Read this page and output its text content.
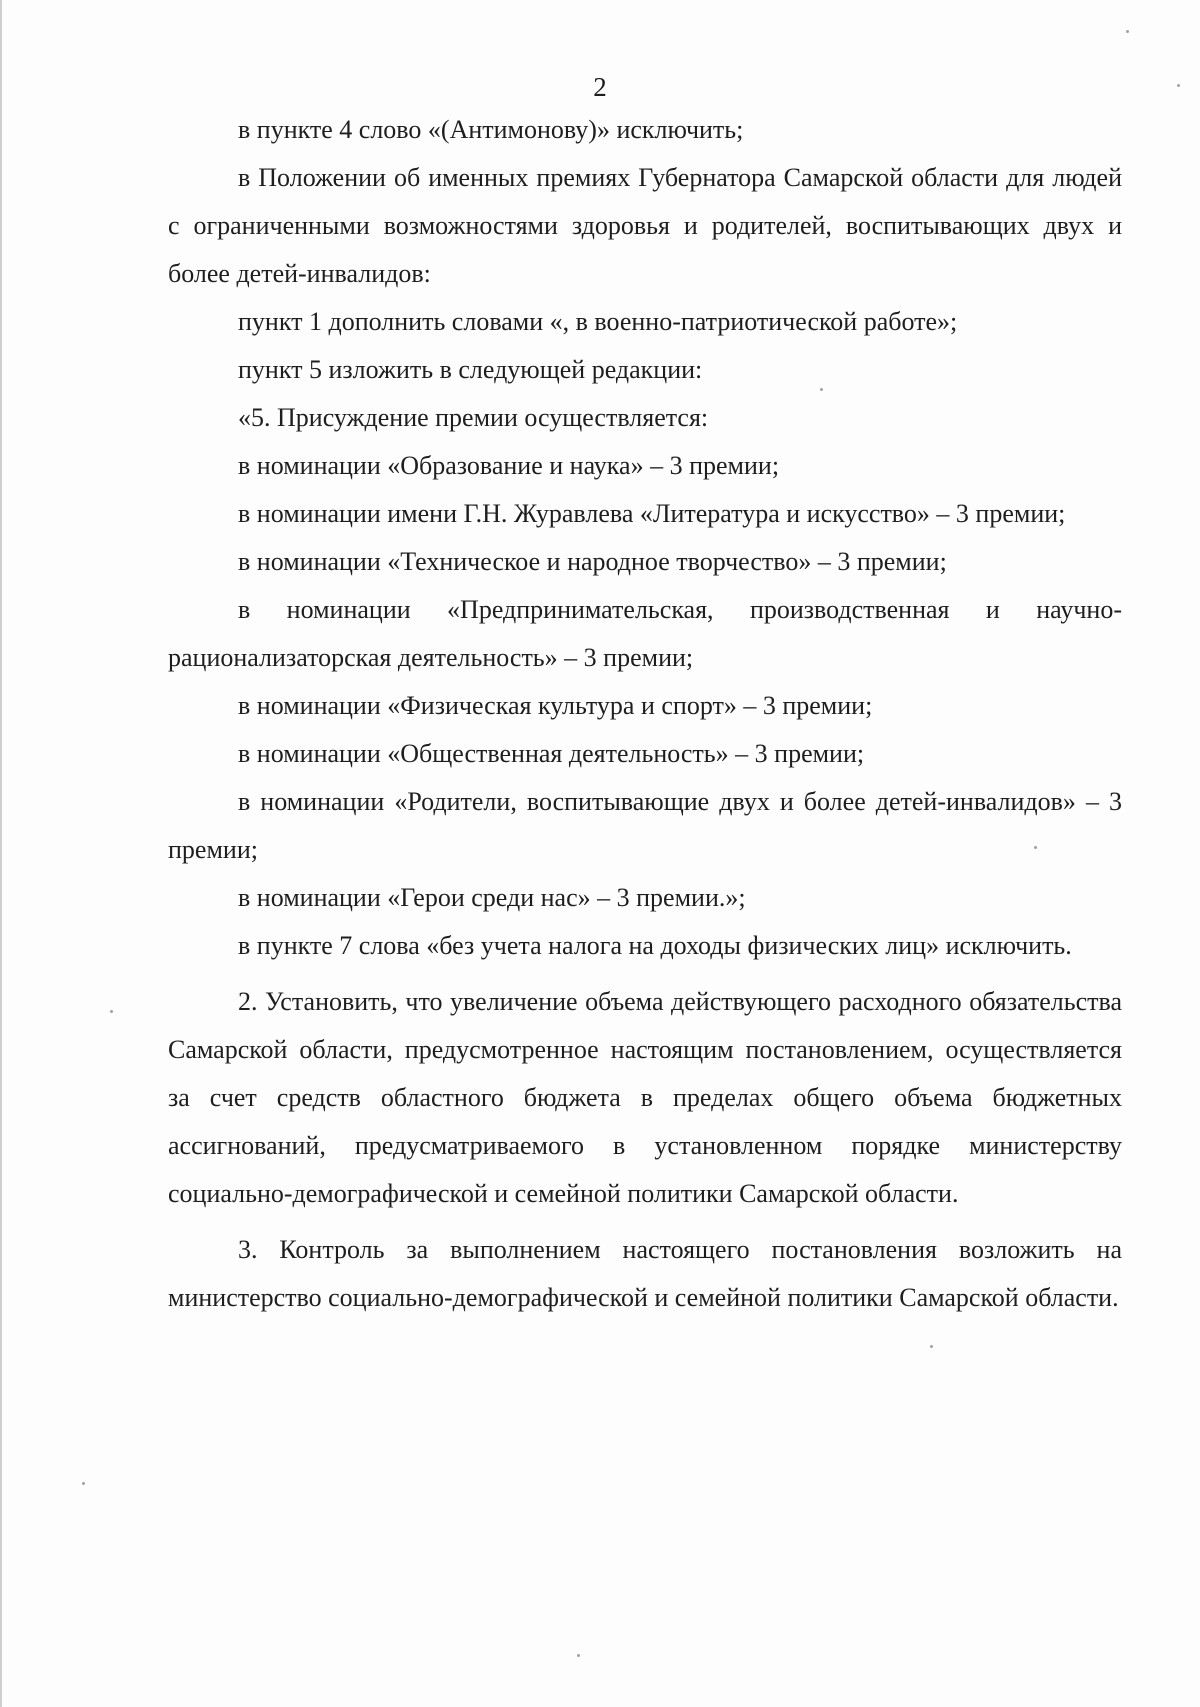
2

в пункте 4 слово «(Антимонову)» исключить;

в Положении об именных премиях Губернатора Самарской области для людей с ограниченными возможностями здоровья и родителей, воспитывающих двух и более детей-инвалидов:

пункт 1 дополнить словами «, в военно-патриотической работе»;

пункт 5 изложить в следующей редакции:

«5. Присуждение премии осуществляется:

в номинации «Образование и наука» – 3 премии;

в номинации имени Г.Н. Журавлева «Литература и искусство» – 3 премии;

в номинации «Техническое и народное творчество» – 3 премии;

в номинации «Предпринимательская, производственная и научно-рационализаторская деятельность» – 3 премии;

в номинации «Физическая культура и спорт» – 3 премии;

в номинации «Общественная деятельность» – 3 премии;

в номинации «Родители, воспитывающие двух и более детей-инвалидов» – 3 премии;

в номинации «Герои среди нас» – 3 премии.»;

в пункте 7 слова «без учета налога на доходы физических лиц» исключить.

2. Установить, что увеличение объема действующего расходного обязательства Самарской области, предусмотренное настоящим постановлением, осуществляется за счет средств областного бюджета в пределах общего объема бюджетных ассигнований, предусматриваемого в установленном порядке министерству социально-демографической и семейной политики Самарской области.

3. Контроль за выполнением настоящего постановления возложить на министерство социально-демографической и семейной политики Самарской области.
